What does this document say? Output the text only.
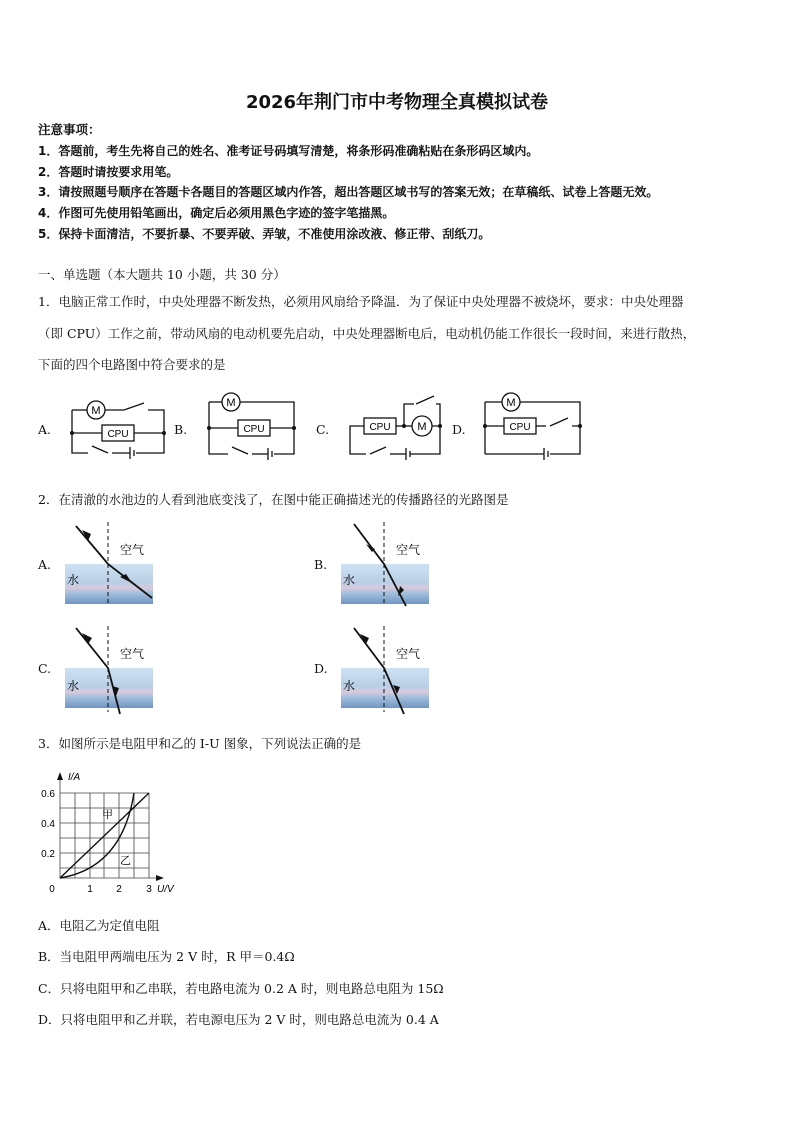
2026年荆门市中考物理全真模拟试卷
注意事项：
1．答题前，考生先将自己的姓名、准考证号码填写清楚，将条形码准确粘贴在条形码区域内。
2．答题时请按要求用笔。
3．请按照题号顺序在答题卡各题目的答题区域内作答，超出答题区域书写的答案无效；在草稿纸、试卷上答题无效。
4．作图可先使用铅笔画出，确定后必须用黑色字迹的签字笔描黑。
5．保持卡面清洁，不要折暴、不要弄破、弄皱，不准使用涂改液、修正带、刮纸刀。
一、单选题（本大题共 10 小题，共 30 分）
1．电脑正常工作时，中央处理器不断发热，必须用风扇给予降温．为了保证中央处理器不被烧坏，要求：中央处理器
（即 CPU）工作之前，带动风扇的电动机要先启动，中央处理器断电后，电动机仍能工作很长一段时间，来进行散热，
下面的四个电路图中符合要求的是
A.	B.	C.	D.
M
CPU
M
CPU	CPU M
M
CPU
2．在清澈的水池边的人看到池底变浅了，在图中能正确描述光的传播路径的光路图是
A.	B.
C.	D.
空气
水
空气
水
空气
水
空气
水
3．如图所示是电阻甲和乙的 I-U 图象，下列说法正确的是
I/A
U/V
0.6
0.4
0.2
0	1 2 3
甲
乙
A．电阻乙为定值电阻
B．当电阻甲两端电压为 2 V 时，R 甲＝0.4Ω
C．只将电阻甲和乙串联，若电路电流为 0.2 A 时，则电路总电阻为 15Ω
D．只将电阻甲和乙并联，若电源电压为 2 V 时，则电路总电流为 0.4 A
